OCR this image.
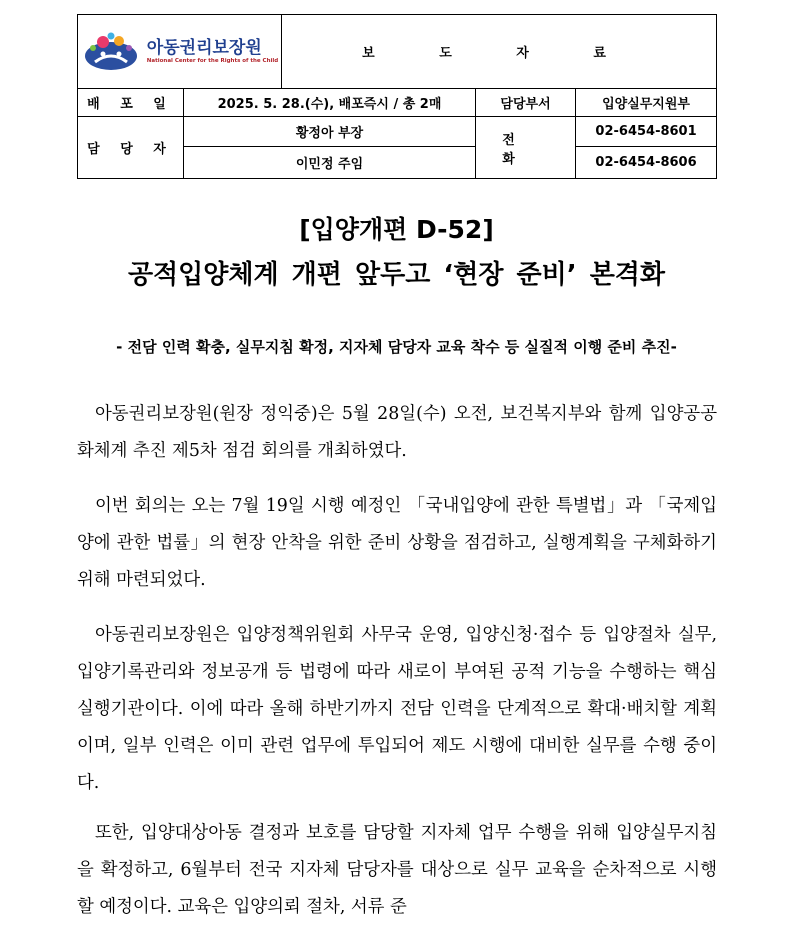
아동권리보장원
National Center for the Rights of the Child		보 도 자 료		
배 포 일	2025. 5. 28.(수), 배포즉시 / 총 2매		담당부서	입양실무지원부
담 당 자	황정아 부장		전 화	02-6454-8601
	이민정 주임			02-6454-8606
[입양개편 D-52]
공적입양체계 개편 앞두고 ‘현장 준비’ 본격화
- 전담 인력 확충, 실무지침 확정, 지자체 담당자 교육 착수 등 실질적 이행 준비 추진-

아동권리보장원(원장 정익중)은 5월 28일(수) 오전, 보건복지부와 함께 입양공공화체계 추진 제5차 점검 회의를 개최하였다.

이번 회의는 오는 7월 19일 시행 예정인 「국내입양에 관한 특별법」과 「국제입양에 관한 법률」의 현장 안착을 위한 준비 상황을 점검하고, 실행계획을 구체화하기 위해 마련되었다.

아동권리보장원은 입양정책위원회 사무국 운영, 입양신청·접수 등 입양절차 실무, 입양기록관리와 정보공개 등 법령에 따라 새로이 부여된 공적 기능을 수행하는 핵심 실행기관이다. 이에 따라 올해 하반기까지 전담 인력을 단계적으로 확대·배치할 계획이며, 일부 인력은 이미 관련 업무에 투입되어 제도 시행에 대비한 실무를 수행 중이다.

또한, 입양대상아동 결정과 보호를 담당할 지자체 업무 수행을 위해 입양실무지침을 확정하고, 6월부터 전국 지자체 담당자를 대상으로 실무 교육을 순차적으로 시행할 예정이다. 교육은 입양의뢰 절차, 서류 준
